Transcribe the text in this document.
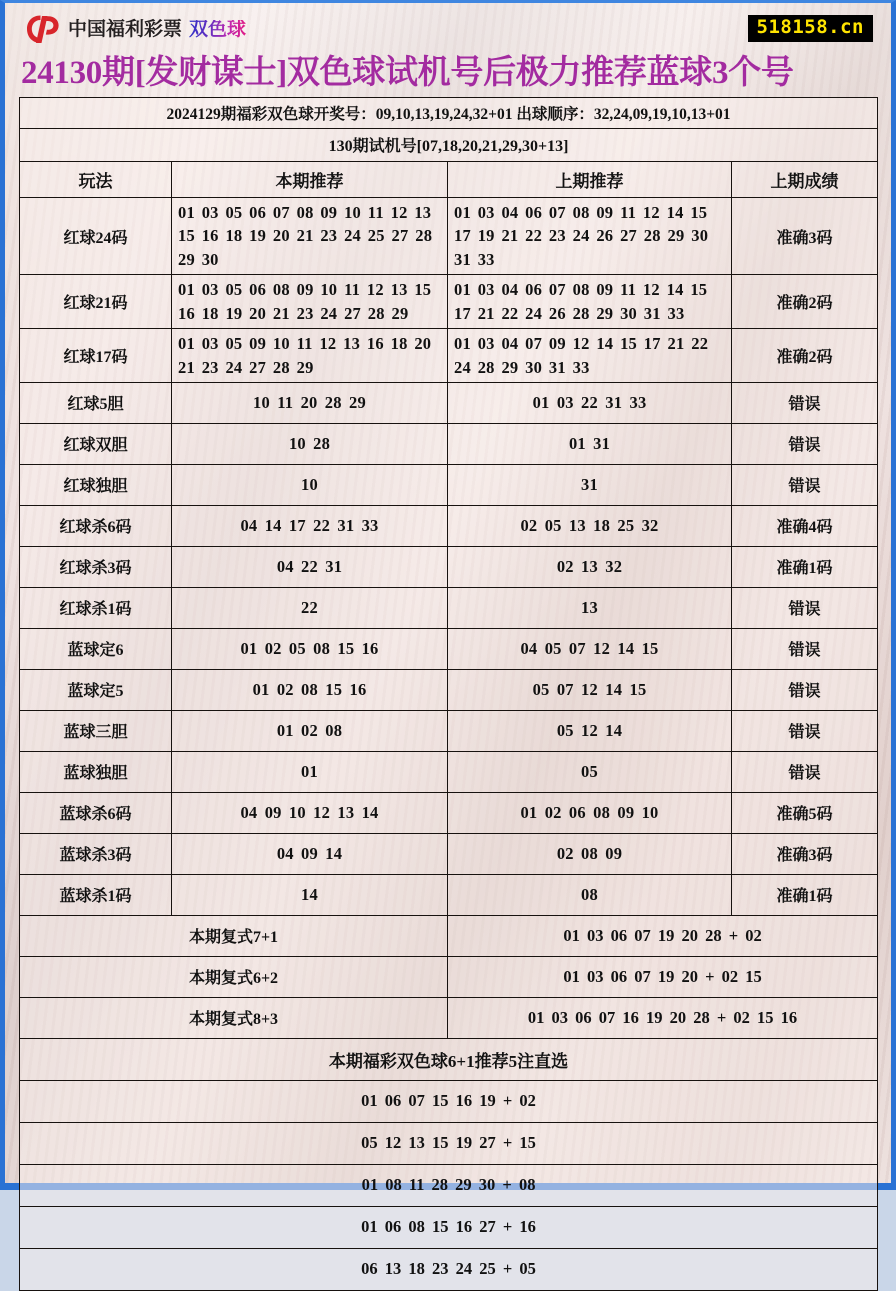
中国福利彩票 双色球	518158.cn
24130期[发财谋士]双色球试机号后极力推荐蓝球3个号
2024129期福彩双色球开奖号：09,10,13,19,24,32+01 出球顺序：32,24,09,19,10,13+01			
130期试机号[07,18,20,21,29,30+13]			
玩法	本期推荐	上期推荐	上期成绩
红球24码	01 03 05 06 07 08 09 10 11 12 13 15 16 18 19 20 21 23 24 25 27 28 29 30	01 03 04 06 07 08 09 11 12 14 15 17 19 21 22 23 24 26 27 28 29 30 31 33	准确3码
红球21码	01 03 05 06 08 09 10 11 12 13 15 16 18 19 20 21 23 24 27 28 29	01 03 04 06 07 08 09 11 12 14 15 17 21 22 24 26 28 29 30 31 33	准确2码
红球17码	01 03 05 09 10 11 12 13 16 18 20 21 23 24 27 28 29	01 03 04 07 09 12 14 15 17 21 22 24 28 29 30 31 33	准确2码
红球5胆	10 11 20 28 29	01 03 22 31 33	错误
红球双胆	10 28	01 31	错误
红球独胆	10	31	错误
红球杀6码	04 14 17 22 31 33	02 05 13 18 25 32	准确4码
红球杀3码	04 22 31	02 13 32	准确1码
红球杀1码	22	13	错误
蓝球定6	01 02 05 08 15 16	04 05 07 12 14 15	错误
蓝球定5	01 02 08 15 16	05 07 12 14 15	错误
蓝球三胆	01 02 08	05 12 14	错误
蓝球独胆	01	05	错误
蓝球杀6码	04 09 10 12 13 14	01 02 06 08 09 10	准确5码
蓝球杀3码	04 09 14	02 08 09	准确3码
蓝球杀1码	14	08	准确1码
本期复式7+1		01 03 06 07 19 20 28 + 02	
本期复式6+2		01 03 06 07 19 20 + 02 15	
本期复式8+3		01 03 06 07 16 19 20 28 + 02 15 16	
本期福彩双色球6+1推荐5注直选			
01 06 07 15 16 19 + 02			
05 12 13 15 19 27 + 15			
01 08 11 28 29 30 + 08			
01 06 08 15 16 27 + 16			
06 13 18 23 24 25 + 05			
